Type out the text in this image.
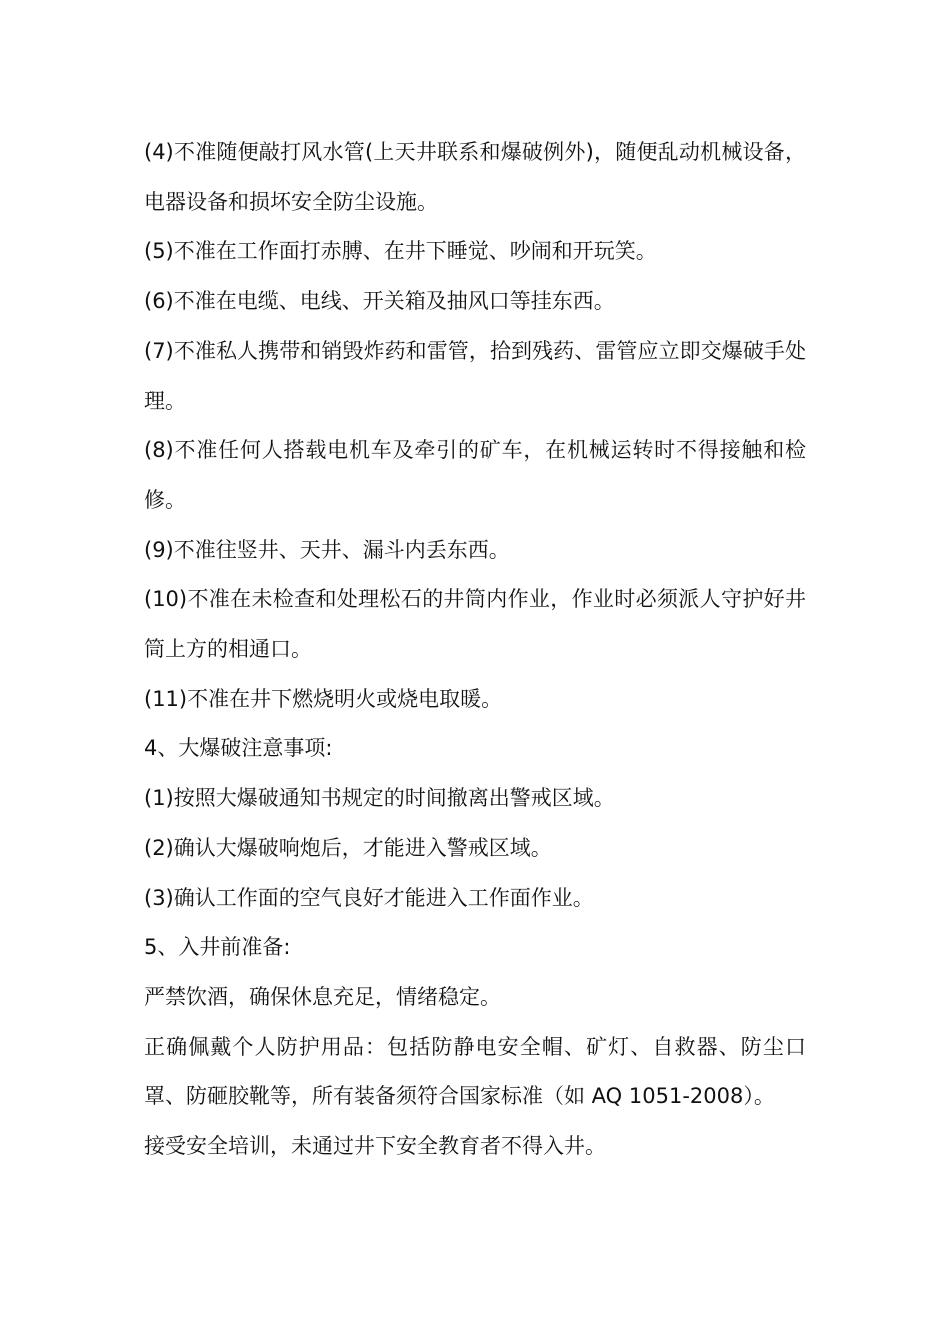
(4)不准随便敲打风水管(上天井联系和爆破例外)，随便乱动机械设备，电器设备和损坏安全防尘设施。

(5)不准在工作面打赤膊、在井下睡觉、吵闹和开玩笑。

(6)不准在电缆、电线、开关箱及抽风口等挂东西。

(7)不准私人携带和销毁炸药和雷管，拾到残药、雷管应立即交爆破手处理。

(8)不准任何人搭载电机车及牵引的矿车，在机械运转时不得接触和检修。

(9)不准往竖井、天井、漏斗内丢东西。

(10)不准在未检查和处理松石的井筒内作业，作业时必须派人守护好井筒上方的相通口。

(11)不准在井下燃烧明火或烧电取暖。

4、大爆破注意事项:

(1)按照大爆破通知书规定的时间撤离出警戒区域。

(2)确认大爆破响炮后，才能进入警戒区域。

(3)确认工作面的空气良好才能进入工作面作业。

5、入井前准备:

严禁饮酒，确保休息充足，情绪稳定。

正确佩戴个人防护用品：包括防静电安全帽、矿灯、自救器、防尘口罩、防砸胶靴等，所有装备须符合国家标准（如 AQ 1051-2008）。

接受安全培训，未通过井下安全教育者不得入井。
